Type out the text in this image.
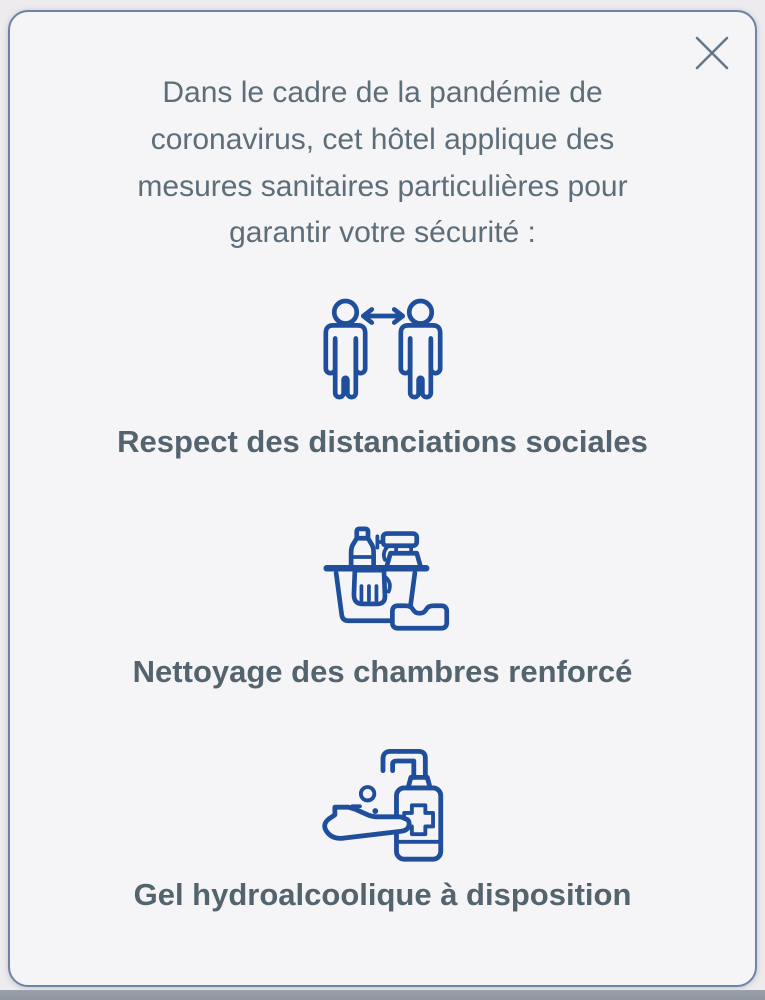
Dans le cadre de la pandémie de coronavirus, cet hôtel applique des mesures sanitaires particulières pour garantir votre sécurité :

Respect des distanciations sociales
Nettoyage des chambres renforcé
Gel hydroalcoolique à disposition
